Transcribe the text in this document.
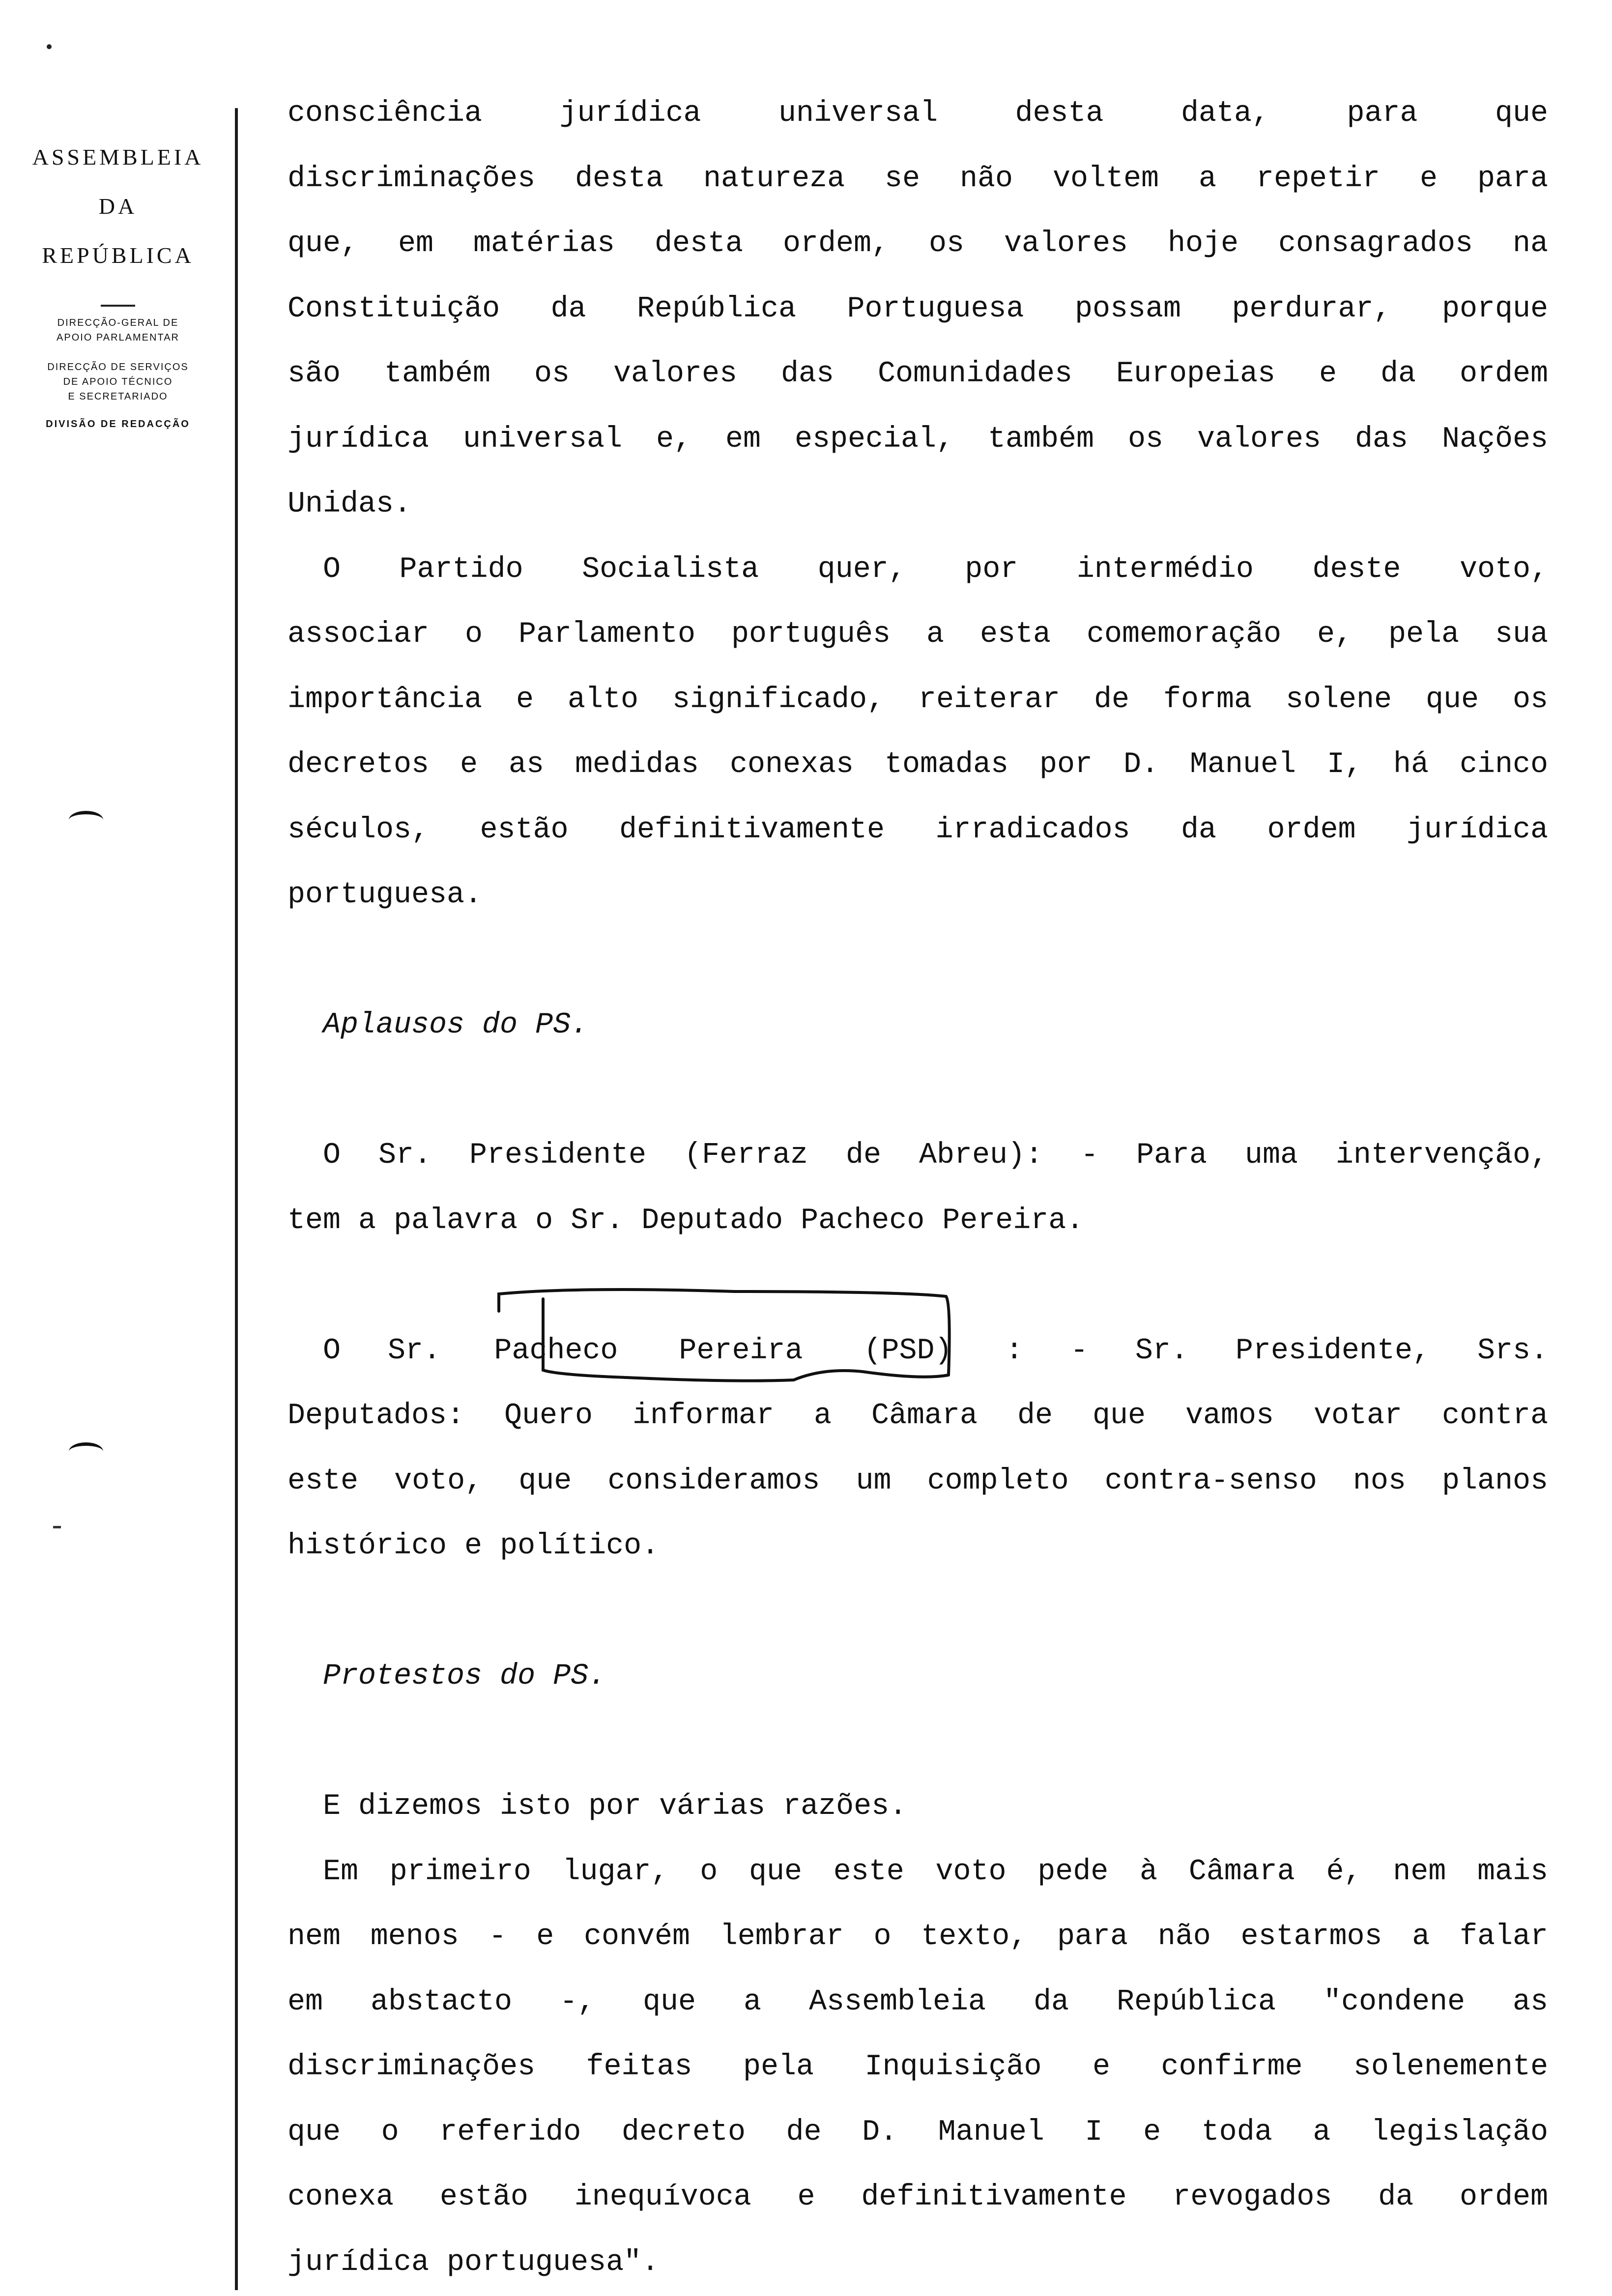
ASSEMBLEIA
DA
REPÚBLICA
DIRECÇÃO-GERAL DE
APOIO PARLAMENTAR
DIRECÇÃO DE SERVIÇOS
DE APOIO TÉCNICO
E SECRETARIADO
DIVISÃO DE REDACÇÃO
consciência jurídica universal desta data, para que
discriminações desta natureza se não voltem a repetir e para
que, em matérias desta ordem, os valores hoje consagrados na
Constituição da República Portuguesa possam perdurar, porque
são também os valores das Comunidades Europeias e da ordem
jurídica universal e, em especial, também os valores das Nações
Unidas.
O Partido Socialista quer, por intermédio deste voto,
associar o Parlamento português a esta comemoração e, pela sua
importância e alto significado, reiterar de forma solene que os
decretos e as medidas conexas tomadas por D. Manuel I, há cinco
séculos, estão definitivamente irradicados da ordem jurídica
portuguesa.
Aplausos do PS.
O Sr. Presidente (Ferraz de Abreu): - Para uma intervenção,
tem a palavra o Sr. Deputado Pacheco Pereira.
O Sr. Pacheco Pereira (PSD) : - Sr. Presidente, Srs.
Deputados: Quero informar a Câmara de que vamos votar contra
este voto, que consideramos um completo contra-senso nos planos
histórico e político.
Protestos do PS.
E dizemos isto por várias razões.
Em primeiro lugar, o que este voto pede à Câmara é, nem mais
nem menos - e convém lembrar o texto, para não estarmos a falar
em abstacto -, que a Assembleia da República "condene as
discriminações feitas pela Inquisição e confirme solenemente
que o referido decreto de D. Manuel I e toda a legislação
conexa estão inequívoca e definitivamente revogados da ordem
jurídica portuguesa".
